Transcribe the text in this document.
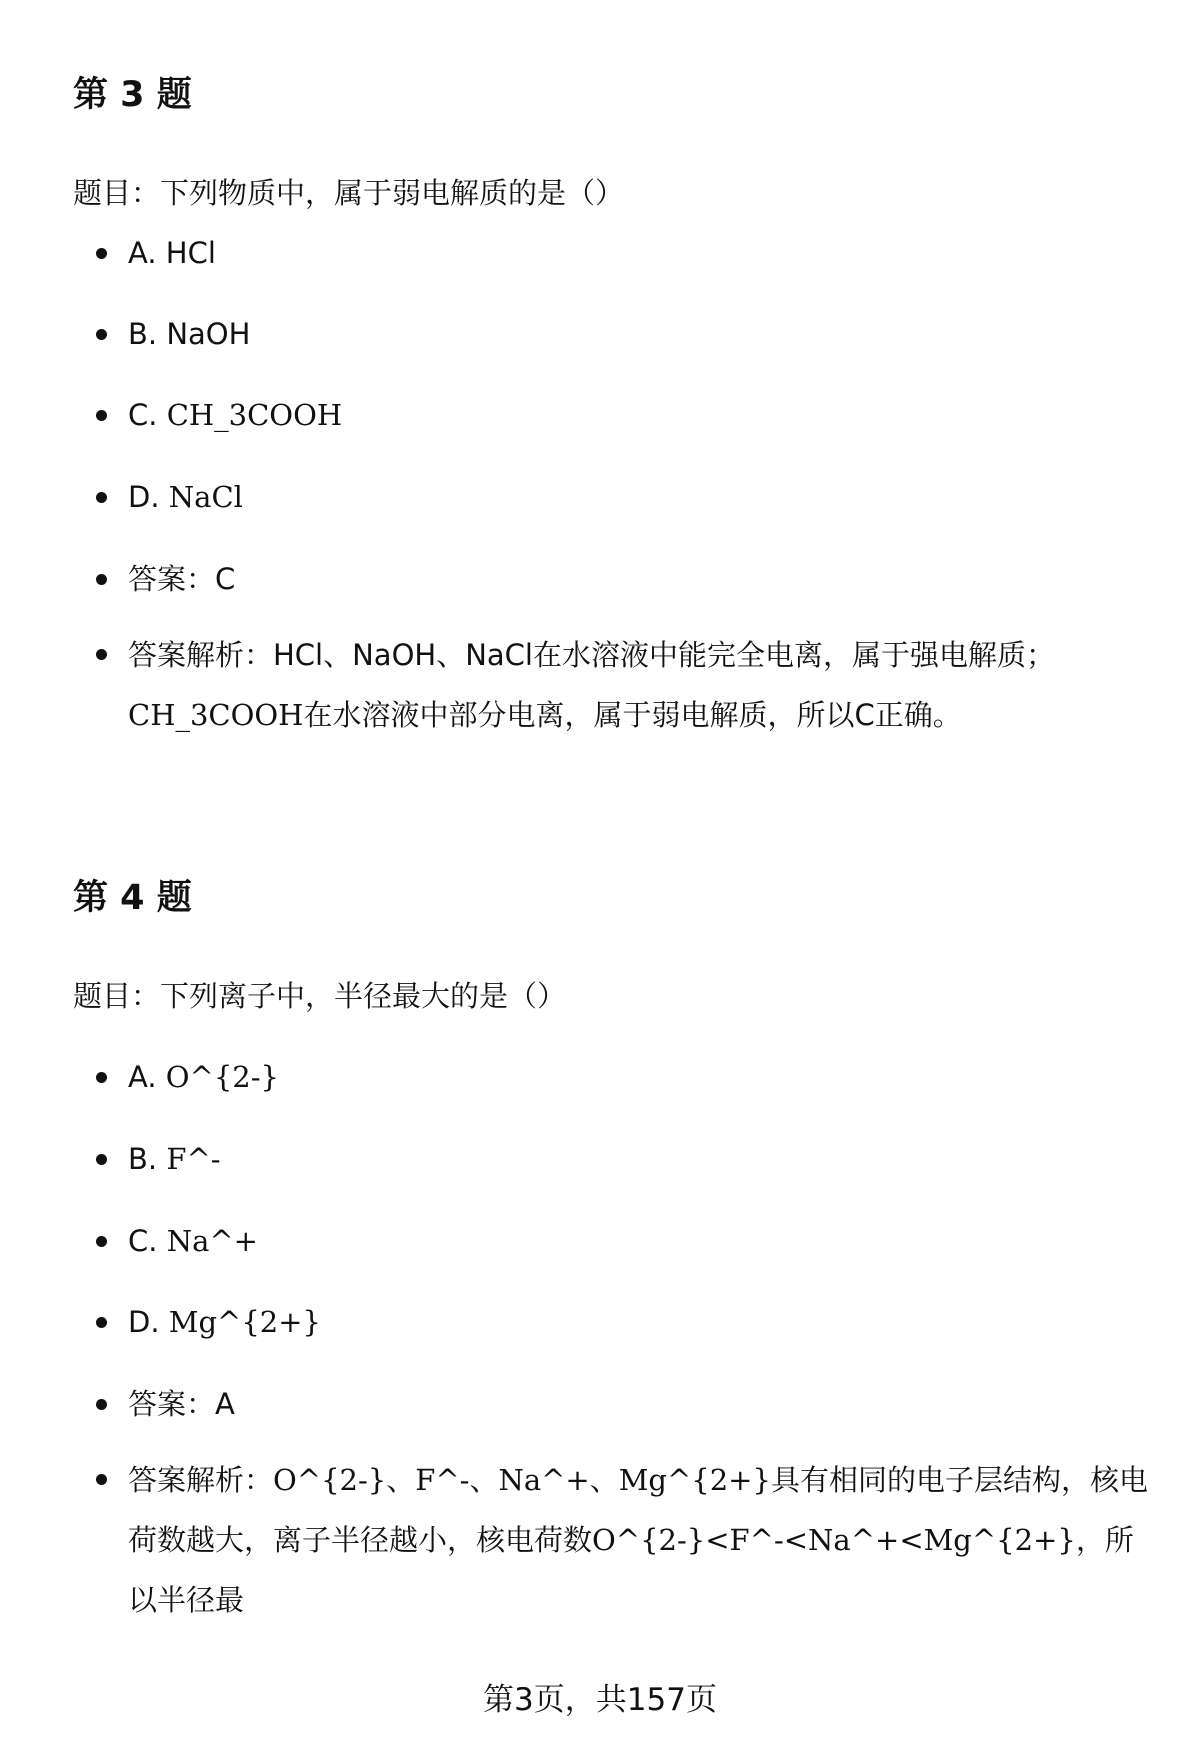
第 3 题

题目：下列物质中，属于弱电解质的是（）

A. HCl
B. NaOH
C. CH_3COOH
D. NaCl
答案：C
答案解析：HCl、NaOH、NaCl在水溶液中能完全电离，属于强电解质；CH_3COOH在水溶液中部分电离，属于弱电解质，所以C正确。
第 4 题

题目：下列离子中，半径最大的是（）

A. O^{2-}
B. F^-
C. Na^+
D. Mg^{2+}
答案：A
答案解析：O^{2-}、F^-、Na^+、Mg^{2+}具有相同的电子层结构，核电荷数越大，离子半径越小，核电荷数O^{2-}<F^-<Na^+<Mg^{2+}，所以半径最
第3页，共157页
